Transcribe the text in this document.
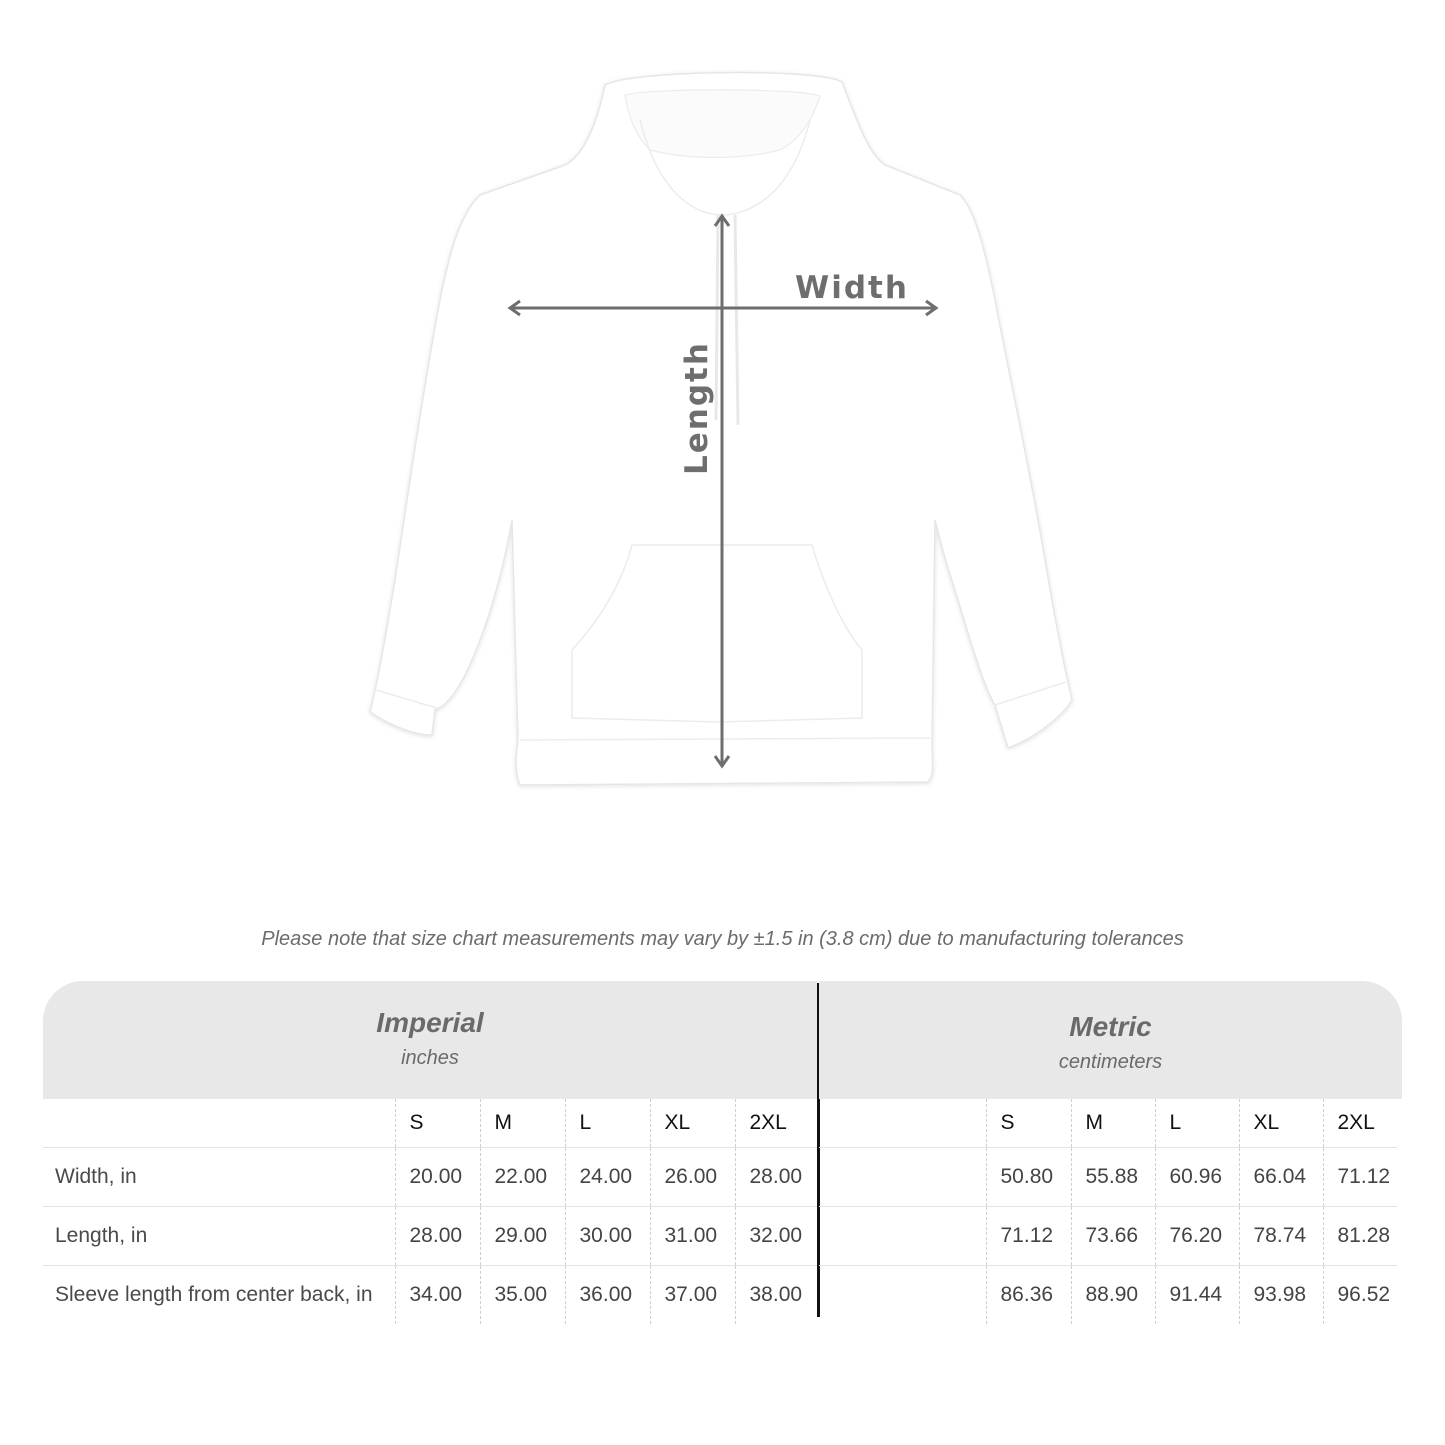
Width
Length
Please note that size chart measurements may vary by ±1.5 in (3.8 cm) due to manufacturing tolerances
Imperial
inches
	S	M	L	XL	2XL
Width, in	20.00	22.00	24.00	26.00	28.00
Length, in	28.00	29.00	30.00	31.00	32.00
Sleeve length from center back, in	34.00	35.00	36.00	37.00	38.00
Metric
centimeters
	S	M	L	XL	2XL
	50.80	55.88	60.96	66.04	71.12
	71.12	73.66	76.20	78.74	81.28
	86.36	88.90	91.44	93.98	96.52
